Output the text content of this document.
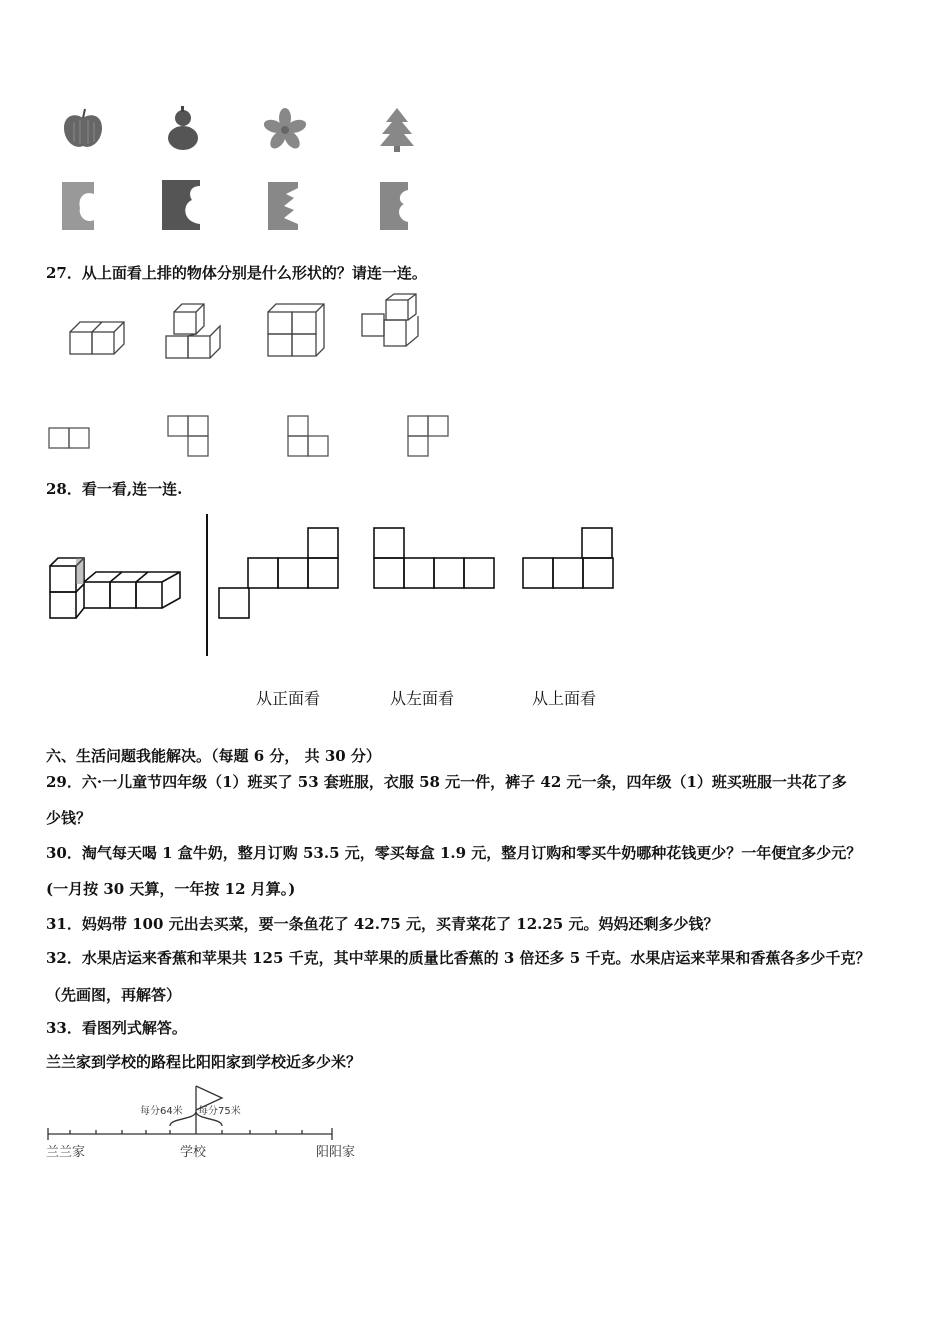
27．从上面看上排的物体分别是什么形状的？请连一连。
28．看一看,连一连.
从正面看	从左面看	从上面看
六、生活问题我能解决。（每题 6 分， 共 30 分）
29．六·一儿童节四年级（1）班买了 53 套班服，衣服 58 元一件，裤子 42 元一条，四年级（1）班买班服一共花了多
少钱？
30．淘气每天喝 1 盒牛奶，整月订购 53.5 元，零买每盒 1.9 元，整月订购和零买牛奶哪种花钱更少？一年便宜多少元？
(一月按 30 天算，一年按 12 月算。)
31．妈妈带 100 元出去买菜，要一条鱼花了 42.75 元，买青菜花了 12.25 元。妈妈还剩多少钱？
32．水果店运来香蕉和苹果共 125 千克，其中苹果的质量比香蕉的 3 倍还多 5 千克。水果店运来苹果和香蕉各多少千克？
（先画图，再解答）
33．看图列式解答。
兰兰家到学校的路程比阳阳家到学校近多少米？
每分64米 每分75米
兰兰家	学校	阳阳家
